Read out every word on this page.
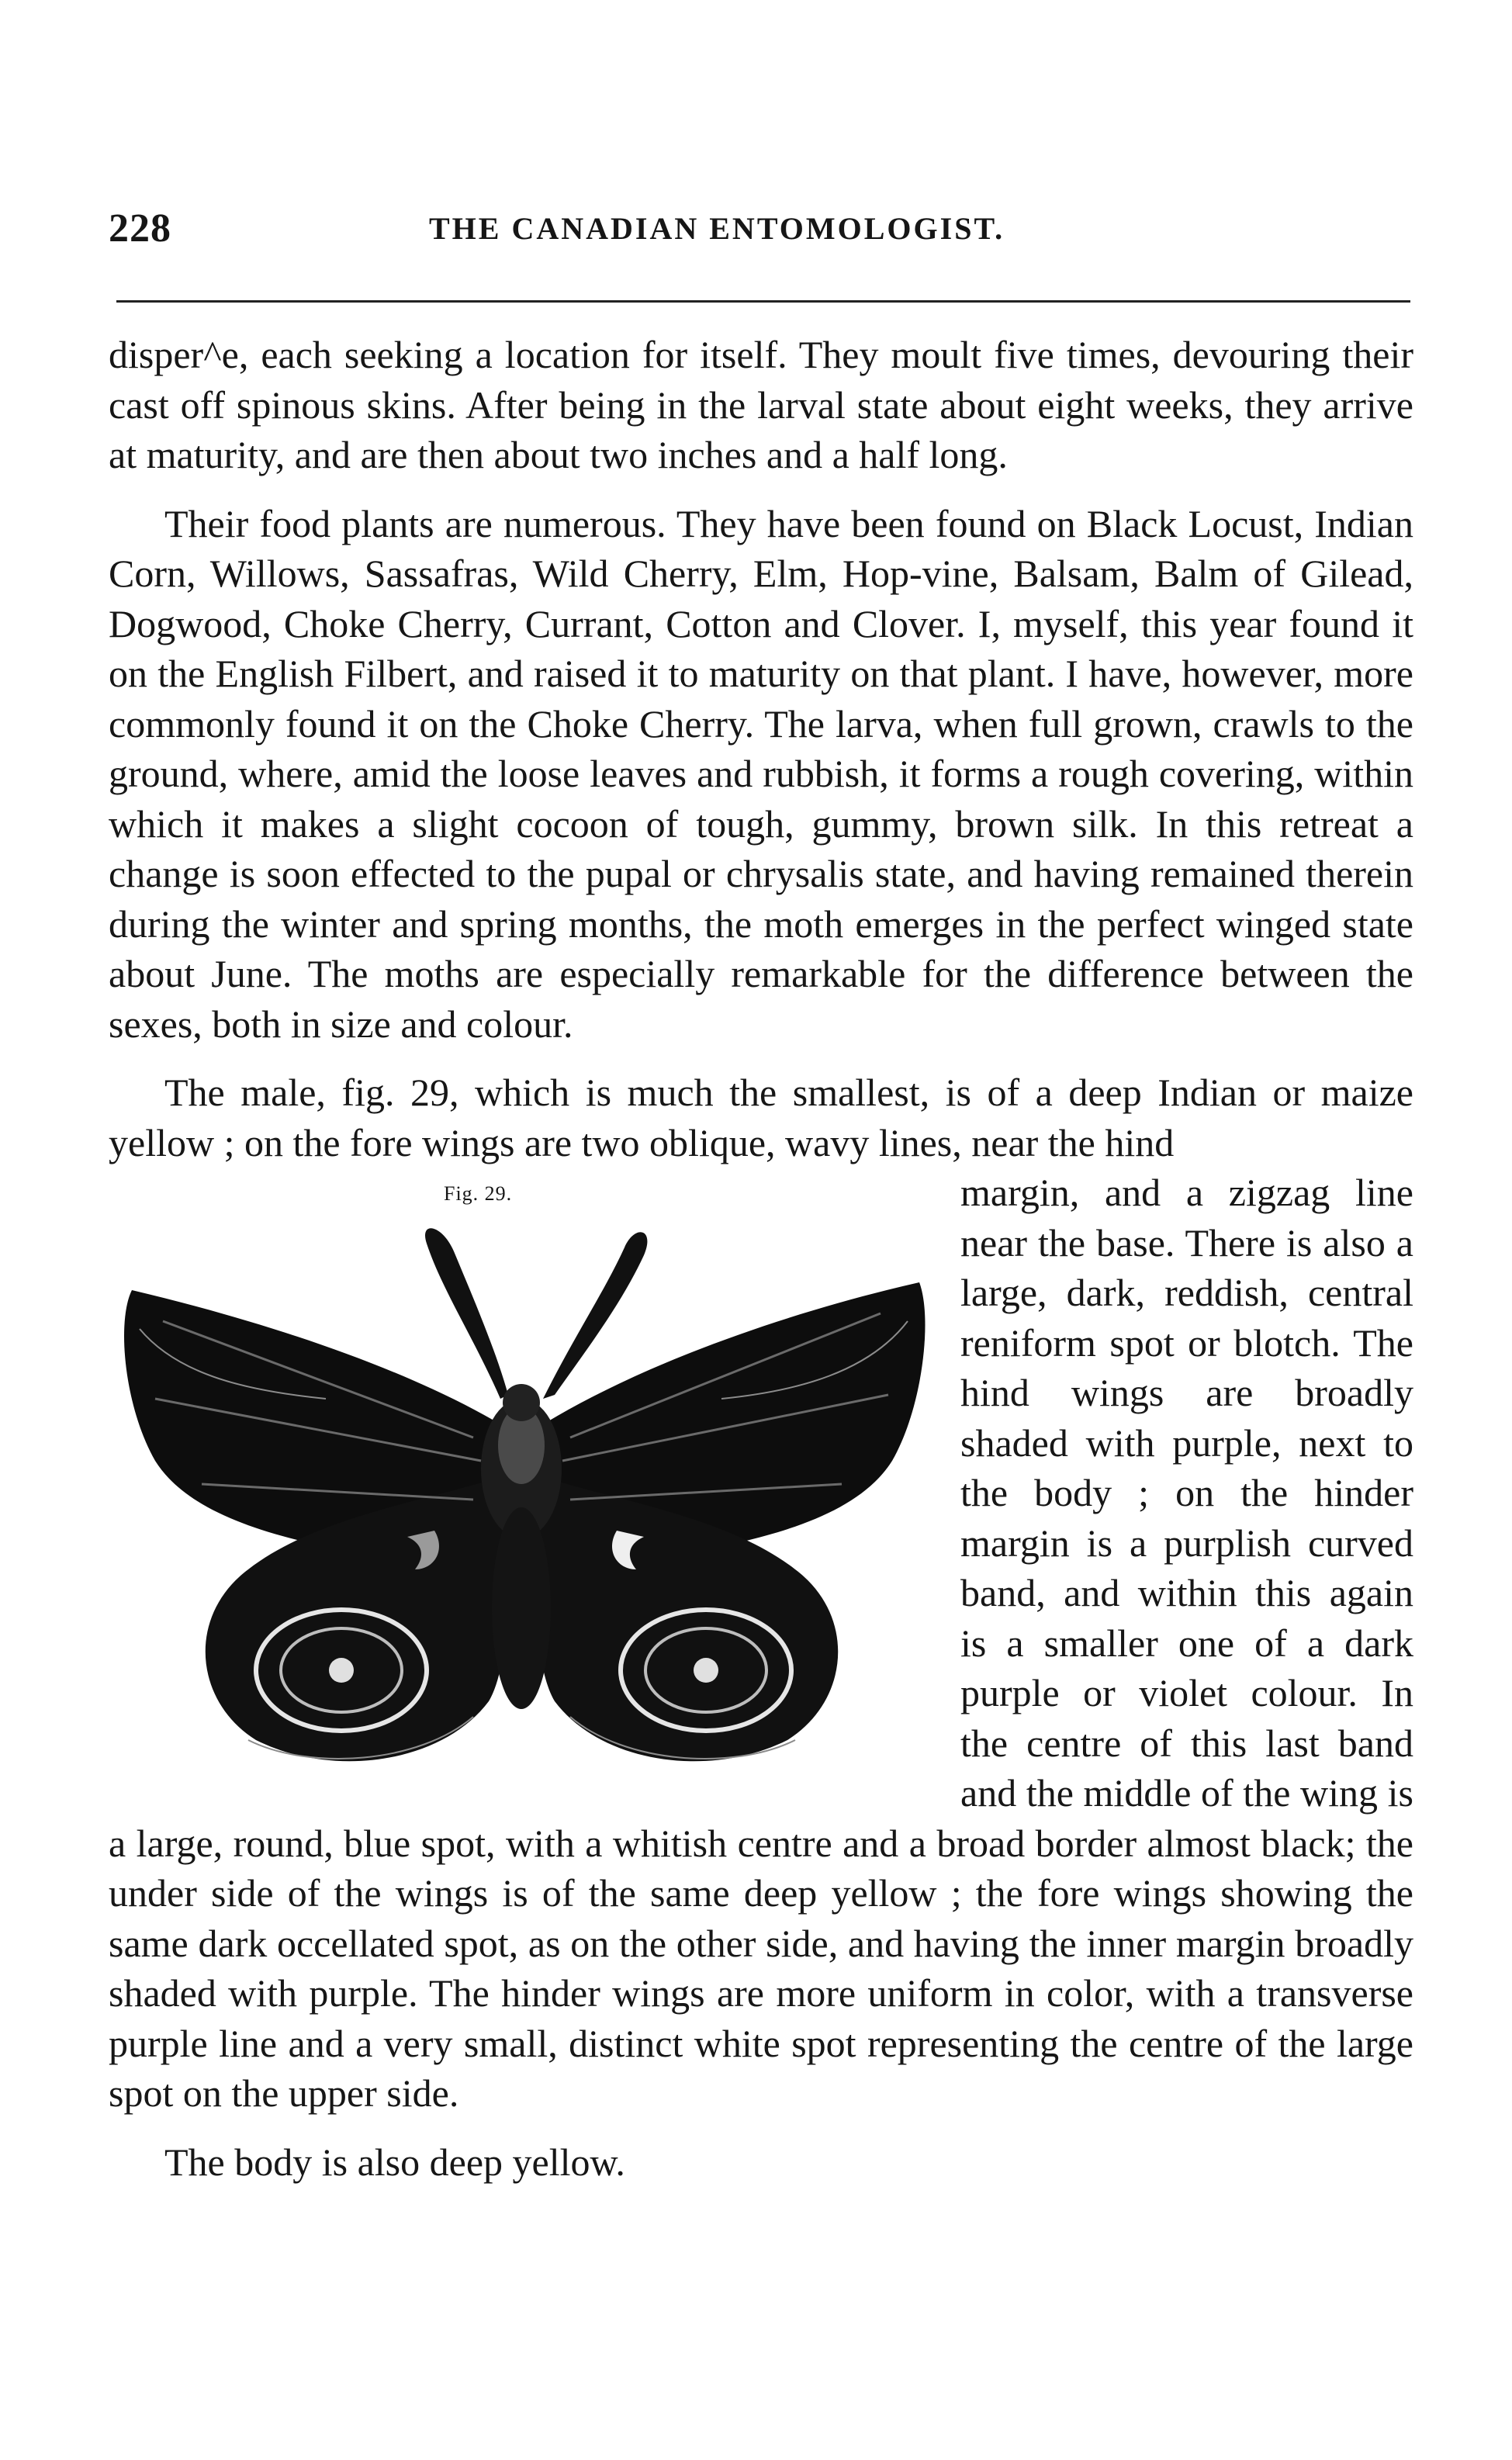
228	THE CANADIAN ENTOMOLOGIST.

disper^e, each seeking a location for itself. They moult five times, devouring their cast off spinous skins. After being in the larval state about eight weeks, they arrive at maturity, and are then about two inches and a half long.

Their food plants are numerous. They have been found on Black Locust, Indian Corn, Willows, Sassafras, Wild Cherry, Elm, Hop-vine, Balsam, Balm of Gilead, Dogwood, Choke Cherry, Currant, Cotton and Clover. I, myself, this year found it on the English Filbert, and raised it to maturity on that plant. I have, however, more commonly found it on the Choke Cherry. The larva, when full grown, crawls to the ground, where, amid the loose leaves and rubbish, it forms a rough covering, within which it makes a slight cocoon of tough, gummy, brown silk. In this retreat a change is soon effected to the pupal or chrysalis state, and having remained therein during the winter and spring months, the moth emerges in the perfect winged state about June. The moths are especially remarkable for the difference between the sexes, both in size and colour.

The male, fig. 29, which is much the smallest, is of a deep Indian or maize yellow ; on the fore wings are two oblique, wavy lines, near the hind

Fig. 29.	margin, and a zigzag line near the base. There is also a large, dark, reddish, central reniform spot or blotch. The hind wings are broadly shaded with purple, next to the body ; on the hinder margin is a purplish curved band, and within this again is a smaller one of a dark purple or violet colour. In the centre of this last band and the middle of the wing is a large, round, blue spot, with a whitish centre and a broad border almost black; the under side of the wings is of the same deep yellow ; the fore wings showing the same dark occellated spot, as on the other side, and having the inner margin broadly shaded with purple. The hinder wings are more uniform in color, with a transverse purple line and a very small, distinct white spot representing the centre of the large spot on the upper side.

The body is also deep yellow.
